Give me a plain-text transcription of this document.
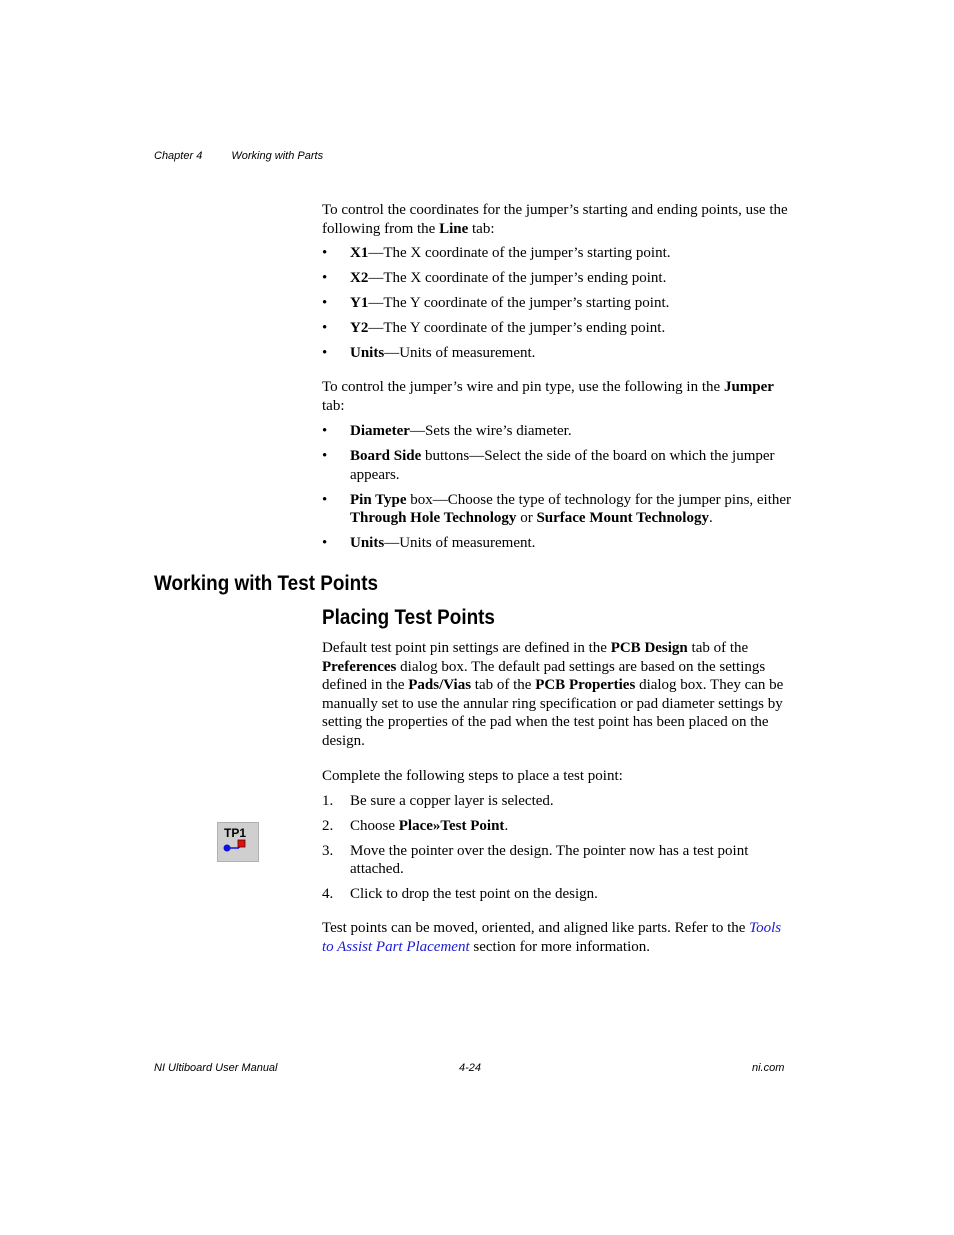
Chapter 4	Working with Parts

To control the coordinates for the jumper’s starting and ending points, use the following from the Line tab:

• X1—The X coordinate of the jumper’s starting point.
• X2—The X coordinate of the jumper’s ending point.
• Y1—The Y coordinate of the jumper’s starting point.
• Y2—The Y coordinate of the jumper’s ending point.
• Units—Units of measurement.

To control the jumper’s wire and pin type, use the following in the Jumper tab:

• Diameter—Sets the wire’s diameter.
• Board Side buttons—Select the side of the board on which the jumper appears.
• Pin Type box—Choose the type of technology for the jumper pins, either Through Hole Technology or Surface Mount Technology.
• Units—Units of measurement.
Working with Test Points
Placing Test Points

Default test point pin settings are defined in the PCB Design tab of the Preferences dialog box. The default pad settings are based on the settings defined in the Pads/Vias tab of the PCB Properties dialog box. They can be manually set to use the annular ring specification or pad diameter settings by setting the properties of the pad when the test point has been placed on the design.

Complete the following steps to place a test point:
1. Be sure a copper layer is selected.
2. Choose Place»Test Point.
3. Move the pointer over the design. The pointer now has a test point attached.
4. Click to drop the test point on the design.
TP1

Test points can be moved, oriented, and aligned like parts. Refer to the Tools to Assist Part Placement section for more information.

NI Ultiboard User Manual	4-24	ni.com
